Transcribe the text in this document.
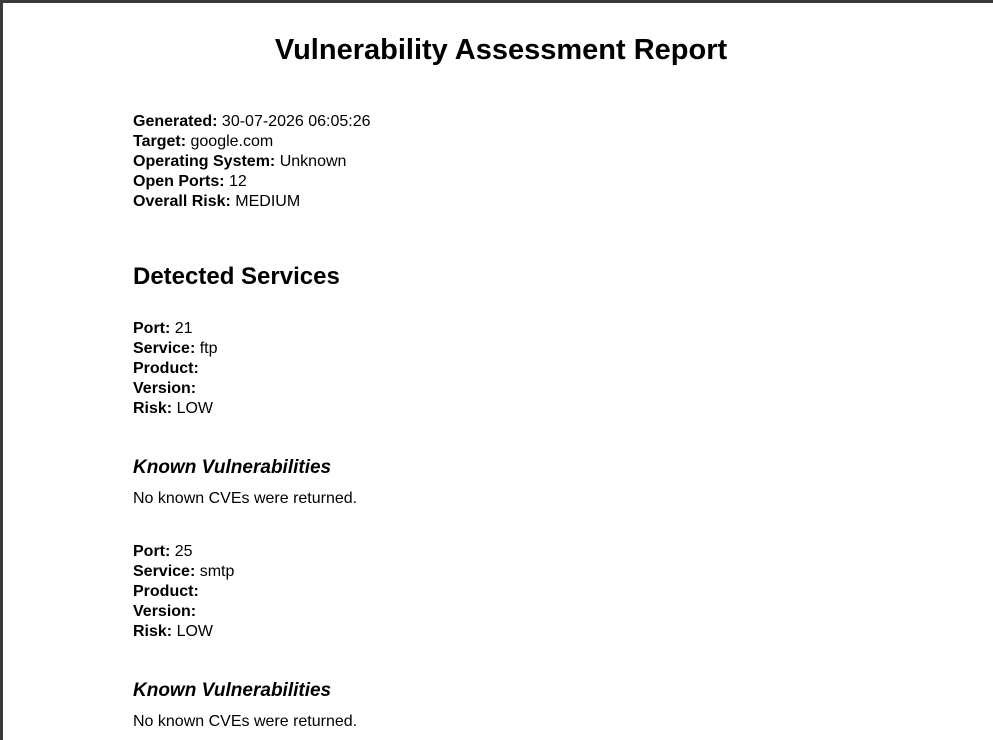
Vulnerability Assessment Report
Generated: 30-07-2026 06:05:26
Target: google.com
Operating System: Unknown
Open Ports: 12
Overall Risk: MEDIUM
Detected Services
Port: 21
Service: ftp
Product:
Version:
Risk: LOW
Known Vulnerabilities
No known CVEs were returned.
Port: 25
Service: smtp
Product:
Version:
Risk: LOW
Known Vulnerabilities
No known CVEs were returned.
